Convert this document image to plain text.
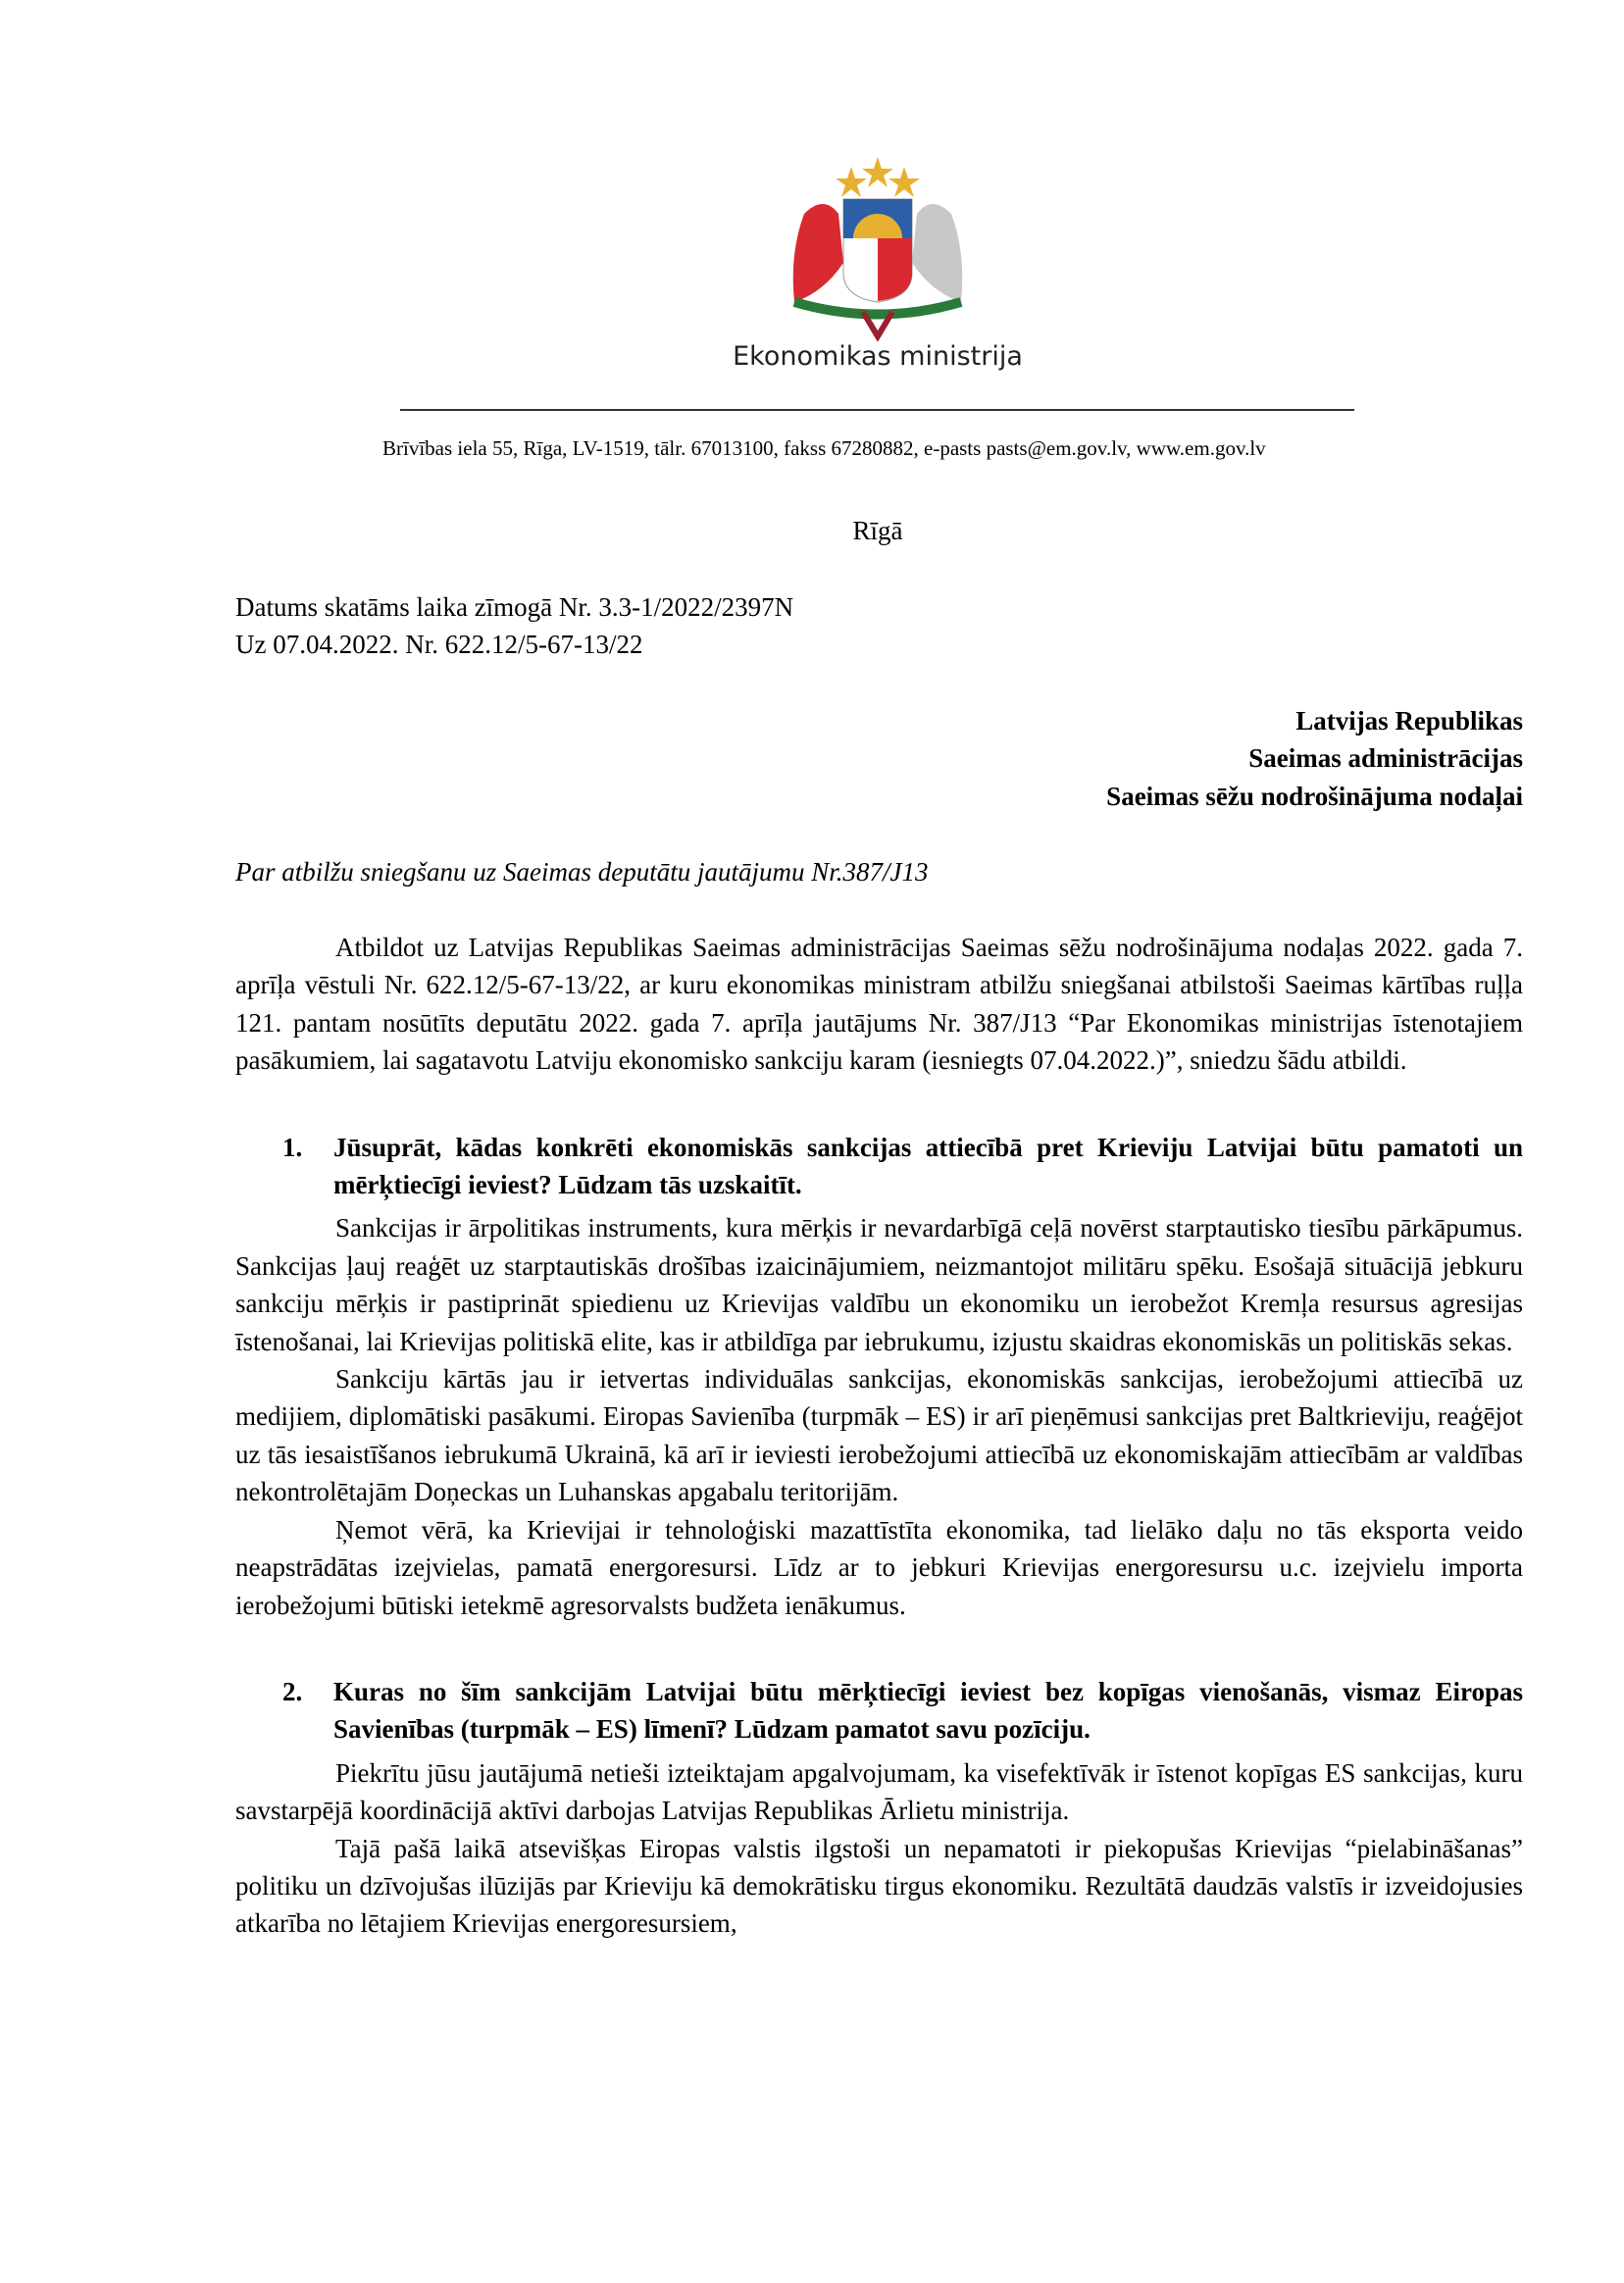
Ekonomikas ministrija
Brīvības iela 55, Rīga, LV-1519, tālr. 67013100, fakss 67280882, e-pasts pasts@em.gov.lv, www.em.gov.lv
Rīgā
Datums skatāms laika zīmogā Nr. 3.3-1/2022/2397N
Uz 07.04.2022. Nr. 622.12/5-67-13/22
Latvijas Republikas
Saeimas administrācijas
Saeimas sēžu nodrošinājuma nodaļai
Par atbilžu sniegšanu uz Saeimas deputātu jautājumu Nr.387/J13

Atbildot uz Latvijas Republikas Saeimas administrācijas Saeimas sēžu nodrošinājuma nodaļas 2022. gada 7. aprīļa vēstuli Nr. 622.12/5-67-13/22, ar kuru ekonomikas ministram atbilžu sniegšanai atbilstoši Saeimas kārtības ruļļa 121. pantam nosūtīts deputātu 2022. gada 7. aprīļa jautājums Nr. 387/J13 “Par Ekonomikas ministrijas īstenotajiem pasākumiem, lai sagatavotu Latviju ekonomisko sankciju karam (iesniegts 07.04.2022.)”, sniedzu šādu atbildi.

1.	Jūsuprāt, kādas konkrēti ekonomiskās sankcijas attiecībā pret Krieviju Latvijai būtu pamatoti un mērķtiecīgi ieviest? Lūdzam tās uzskaitīt.

Sankcijas ir ārpolitikas instruments, kura mērķis ir nevardarbīgā ceļā novērst starptautisko tiesību pārkāpumus. Sankcijas ļauj reaģēt uz starptautiskās drošības izaicinājumiem, neizmantojot militāru spēku. Esošajā situācijā jebkuru sankciju mērķis ir pastiprināt spiedienu uz Krievijas valdību un ekonomiku un ierobežot Kremļa resursus agresijas īstenošanai, lai Krievijas politiskā elite, kas ir atbildīga par iebrukumu, izjustu skaidras ekonomiskās un politiskās sekas.

Sankciju kārtās jau ir ietvertas individuālas sankcijas, ekonomiskās sankcijas, ierobežojumi attiecībā uz medijiem, diplomātiski pasākumi. Eiropas Savienība (turpmāk – ES) ir arī pieņēmusi sankcijas pret Baltkrieviju, reaģējot uz tās iesaistīšanos iebrukumā Ukrainā, kā arī ir ieviesti ierobežojumi attiecībā uz ekonomiskajām attiecībām ar valdības nekontrolētajām Doņeckas un Luhanskas apgabalu teritorijām.

Ņemot vērā, ka Krievijai ir tehnoloģiski mazattīstīta ekonomika, tad lielāko daļu no tās eksporta veido neapstrādātas izejvielas, pamatā energoresursi. Līdz ar to jebkuri Krievijas energoresursu u.c. izejvielu importa ierobežojumi būtiski ietekmē agresorvalsts budžeta ienākumus.

2.	Kuras no šīm sankcijām Latvijai būtu mērķtiecīgi ieviest bez kopīgas vienošanās, vismaz Eiropas Savienības (turpmāk – ES) līmenī? Lūdzam pamatot savu pozīciju.

Piekrītu jūsu jautājumā netieši izteiktajam apgalvojumam, ka visefektīvāk ir īstenot kopīgas ES sankcijas, kuru savstarpējā koordinācijā aktīvi darbojas Latvijas Republikas Ārlietu ministrija.

Tajā pašā laikā atsevišķas Eiropas valstis ilgstoši un nepamatoti ir piekopušas Krievijas “pielabināšanas” politiku un dzīvojušas ilūzijās par Krieviju kā demokrātisku tirgus ekonomiku. Rezultātā daudzās valstīs ir izveidojusies atkarība no lētajiem Krievijas energoresursiem,
